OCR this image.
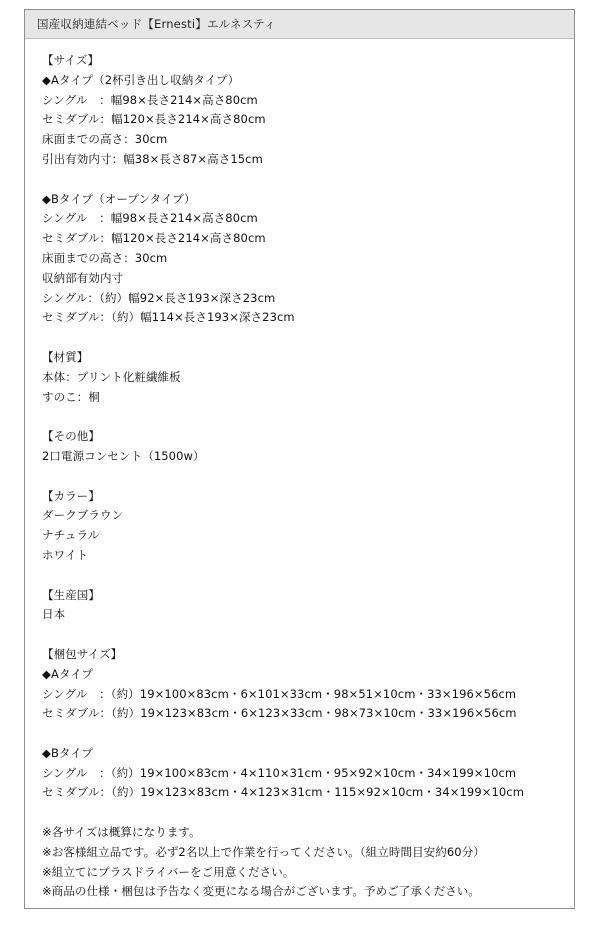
国産収納連結ベッド【Ernesti】エルネスティ
【サイズ】
◆Aタイプ（2杯引き出し収納タイプ）
シングル　：幅98×長さ214×高さ80cm
セミダブル：幅120×長さ214×高さ80cm
床面までの高さ：30cm
引出有効内寸：幅38×長さ87×高さ15cm
◆Bタイプ（オープンタイプ）
シングル　：幅98×長さ214×高さ80cm
セミダブル：幅120×長さ214×高さ80cm
床面までの高さ：30cm
収納部有効内寸
シングル：（約）幅92×長さ193×深さ23cm
セミダブル：（約）幅114×長さ193×深さ23cm
【材質】
本体：プリント化粧繊維板
すのこ：桐
【その他】
2口電源コンセント（1500w）
【カラー】
ダークブラウン
ナチュラル
ホワイト
【生産国】
日本
【梱包サイズ】
◆Aタイプ
シングル　：（約）19×100×83cm・6×101×33cm・98×51×10cm・33×196×56cm
セミダブル：（約）19×123×83cm・6×123×33cm・98×73×10cm・33×196×56cm
◆Bタイプ
シングル　：（約）19×100×83cm・4×110×31cm・95×92×10cm・34×199×10cm
セミダブル：（約）19×123×83cm・4×123×31cm・115×92×10cm・34×199×10cm
※各サイズは概算になります。
※お客様組立品です。必ず2名以上で作業を行ってください。（組立時間目安約60分）
※組立てにプラスドライバーをご用意ください。
※商品の仕様・梱包は予告なく変更になる場合がございます。予めご了承ください。
